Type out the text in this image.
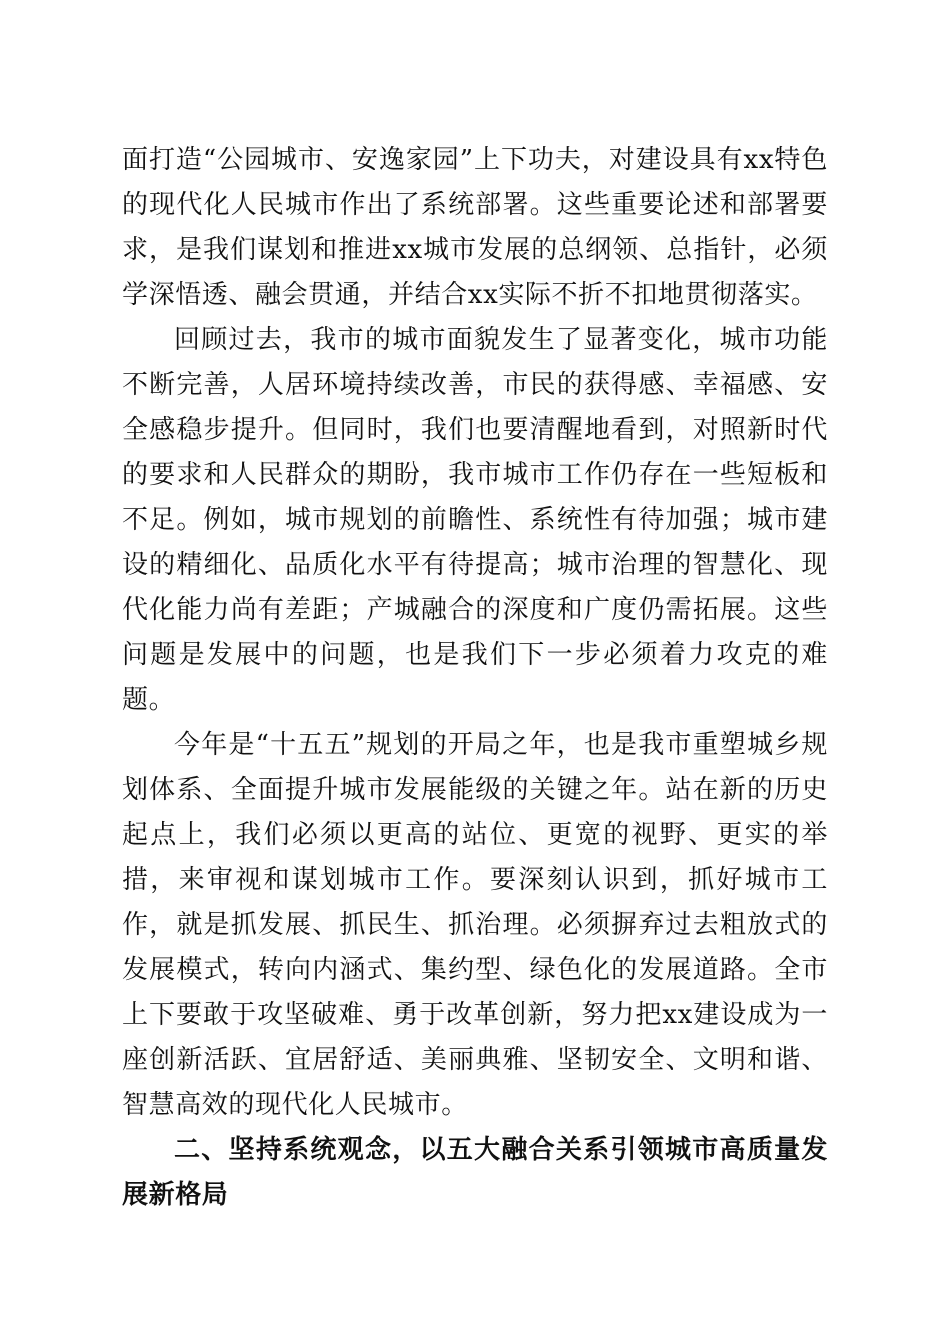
面打造“公园城市、安逸家园”上下功夫，对建设具有xx特色的现代化人民城市作出了系统部署。这些重要论述和部署要求，是我们谋划和推进xx城市发展的总纲领、总指针，必须学深悟透、融会贯通，并结合xx实际不折不扣地贯彻落实。

回顾过去，我市的城市面貌发生了显著变化，城市功能不断完善，人居环境持续改善，市民的获得感、幸福感、安全感稳步提升。但同时，我们也要清醒地看到，对照新时代的要求和人民群众的期盼，我市城市工作仍存在一些短板和不足。例如，城市规划的前瞻性、系统性有待加强；城市建设的精细化、品质化水平有待提高；城市治理的智慧化、现代化能力尚有差距；产城融合的深度和广度仍需拓展。这些问题是发展中的问题，也是我们下一步必须着力攻克的难题。

今年是“十五五”规划的开局之年，也是我市重塑城乡规划体系、全面提升城市发展能级的关键之年。站在新的历史起点上，我们必须以更高的站位、更宽的视野、更实的举措，来审视和谋划城市工作。要深刻认识到，抓好城市工作，就是抓发展、抓民生、抓治理。必须摒弃过去粗放式的发展模式，转向内涵式、集约型、绿色化的发展道路。全市上下要敢于攻坚破难、勇于改革创新，努力把xx建设成为一座创新活跃、宜居舒适、美丽典雅、坚韧安全、文明和谐、智慧高效的现代化人民城市。

二、坚持系统观念，以五大融合关系引领城市高质量发展新格局
